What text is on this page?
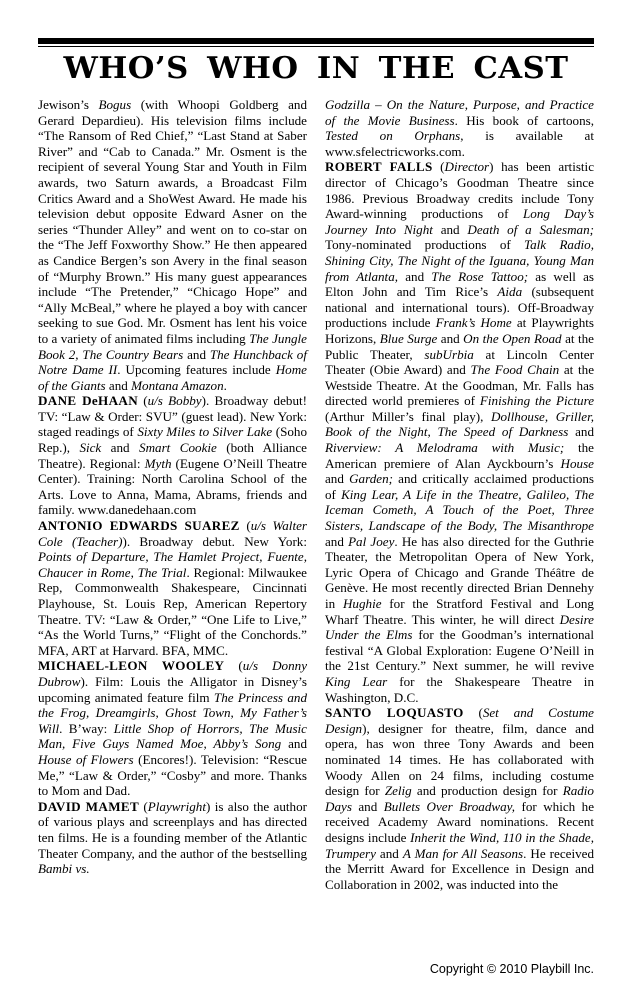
WHO’S WHO IN THE CAST

Jewison’s Bogus (with Whoopi Goldberg and Gerard Depardieu). His television films include “The Ransom of Red Chief,” “Last Stand at Saber River” and “Cab to Canada.” Mr. Osment is the recipient of several Young Star and Youth in Film awards, two Saturn awards, a Broadcast Film Critics Award and a ShoWest Award. He made his television debut opposite Edward Asner on the series “Thunder Alley” and went on to co-star on the “The Jeff Foxworthy Show.” He then appeared as Candice Bergen’s son Avery in the final season of “Murphy Brown.” His many guest appearances include “The Pretender,” “Chicago Hope” and “Ally McBeal,” where he played a boy with cancer seeking to sue God. Mr. Osment has lent his voice to a variety of animated films including The Jungle Book 2, The Country Bears and The Hunchback of Notre Dame II. Upcoming features include Home of the Giants and Montana Amazon.

DANE DeHAAN (u/s Bobby). Broadway debut! TV: “Law & Order: SVU” (guest lead). New York: staged readings of Sixty Miles to Silver Lake (Soho Rep.), Sick and Smart Cookie (both Alliance Theatre). Regional: Myth (Eugene O’Neill Theatre Center). Training: North Carolina School of the Arts. Love to Anna, Mama, Abrams, friends and family. www.danedehaan.com

ANTONIO EDWARDS SUAREZ (u/s Walter Cole (Teacher)). Broadway debut. New York: Points of Departure, The Hamlet Project, Fuente, Chaucer in Rome, The Trial. Regional: Milwaukee Rep, Commonwealth Shakespeare, Cincinnati Playhouse, St. Louis Rep, American Repertory Theatre. TV: “Law & Order,” “One Life to Live,” “As the World Turns,” “Flight of the Conchords.” MFA, ART at Harvard. BFA, MMC.

MICHAEL-LEON WOOLEY (u/s Donny Dubrow). Film: Louis the Alligator in Disney’s upcoming animated feature film The Princess and the Frog, Dreamgirls, Ghost Town, My Father’s Will. B’way: Little Shop of Horrors, The Music Man, Five Guys Named Moe, Abby’s Song and House of Flowers (Encores!). Television: “Rescue Me,” “Law & Order,” “Cosby” and more. Thanks to Mom and Dad.

DAVID MAMET (Playwright) is also the author of various plays and screenplays and has directed ten films. He is a founding member of the Atlantic Theater Company, and the author of the bestselling Bambi vs.

Godzilla – On the Nature, Purpose, and Practice of the Movie Business. His book of cartoons, Tested on Orphans, is available at www.sfelectricworks.com.

ROBERT FALLS (Director) has been artistic director of Chicago’s Goodman Theatre since 1986. Previous Broadway credits include Tony Award-winning productions of Long Day’s Journey Into Night and Death of a Salesman; Tony-nominated productions of Talk Radio, Shining City, The Night of the Iguana, Young Man from Atlanta, and The Rose Tattoo; as well as Elton John and Tim Rice’s Aida (subsequent national and international tours). Off-Broadway productions include Frank’s Home at Playwrights Horizons, Blue Surge and On the Open Road at the Public Theater, subUrbia at Lincoln Center Theater (Obie Award) and The Food Chain at the Westside Theatre. At the Goodman, Mr. Falls has directed world premieres of Finishing the Picture (Arthur Miller’s final play), Dollhouse, Griller, Book of the Night, The Speed of Darkness and Riverview: A Melodrama with Music; the American premiere of Alan Ayckbourn’s House and Garden; and critically acclaimed productions of King Lear, A Life in the Theatre, Galileo, The Iceman Cometh, A Touch of the Poet, Three Sisters, Landscape of the Body, The Misanthrope and Pal Joey. He has also directed for the Guthrie Theater, the Metropolitan Opera of New York, Lyric Opera of Chicago and Grande Théâtre de Genève. He most recently directed Brian Dennehy in Hughie for the Stratford Festival and Long Wharf Theatre. This winter, he will direct Desire Under the Elms for the Goodman’s international festival “A Global Exploration: Eugene O’Neill in the 21st Century.” Next summer, he will revive King Lear for the Shakespeare Theatre in Washington, D.C.

SANTO LOQUASTO (Set and Costume Design), designer for theatre, film, dance and opera, has won three Tony Awards and been nominated 14 times. He has collaborated with Woody Allen on 24 films, including costume design for Zelig and production design for Radio Days and Bullets Over Broadway, for which he received Academy Award nominations. Recent designs include Inherit the Wind, 110 in the Shade, Trumpery and A Man for All Seasons. He received the Merritt Award for Excellence in Design and Collaboration in 2002, was inducted into the

Copyright © 2010 Playbill Inc.
